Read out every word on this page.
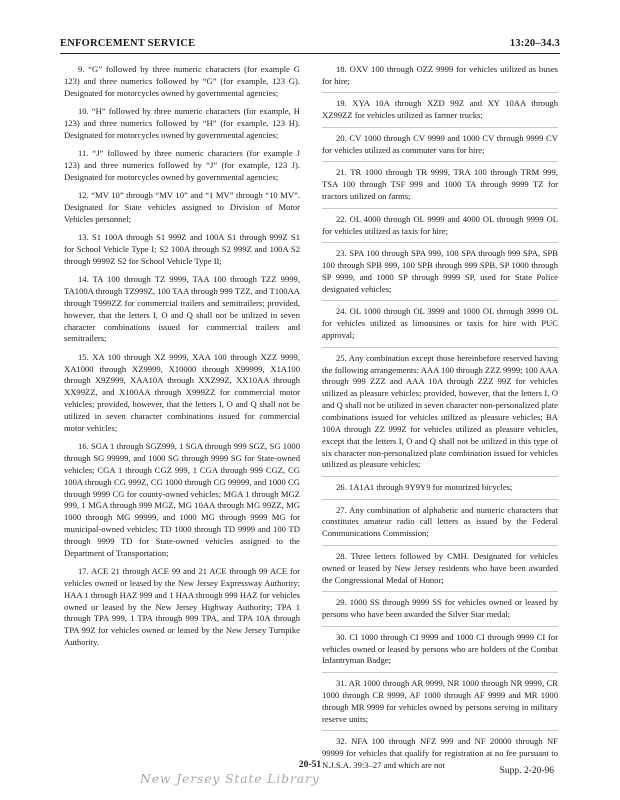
ENFORCEMENT SERVICE	13:20–34.3

9. “G” followed by three numeric characters (for example G 123) and three numerics followed by “G” (for example, 123 G). Designated for motorcycles owned by governmental agencies;

10. “H” followed by three numeric characters (for example, H 123) and three numerics followed by “H” (for example, 123 H). Designated for motorcycles owned by governmental agencies;

11. “J” followed by three numeric characters (for example J 123) and three numerics followed by “J” (for example, 123 J). Designated for motorcycles owned by governmental agencies;

12. “MV 10” through “MV 10” and “1 MV” through “10 MV”. Designated for State vehicles assigned to Division of Motor Vehicles personnel;

13. S1 100A through S1 999Z and 100A S1 through 999Z S1 for School Vehicle Type I; S2 100A through S2 999Z and 100A S2 through 9999Z S2 for School Vehicle Type II;

14. TA 100 through TZ 9999, TAA 100 through TZZ 9999, TA100A through TZ999Z, 100 TAA through 999 TZZ, and T100AA through T999ZZ for commercial trailers and semitrailers; provided, however, that the letters I, O and Q shall not be utilized in seven character combinations issued for commercial trailers and semitrailers;

15. XA 100 through XZ 9999, XAA 100 through XZZ 9999, XA1000 through XZ9999, X10000 through X99999, X1A100 through X9Z999, XAA10A through XXZ99Z, XX10AA through XX99ZZ, and X100AA through X999ZZ for commercial motor vehicles; provided, however, that the letters I, O and Q shall not be utilized in seven character combinations issued for commercial motor vehicles;

16. SGA 1 through SGZ999, 1 SGA through 999 SGZ, SG 1000 through SG 99999, and 1000 SG through 9999 SG for State-owned vehicles; CGA 1 through CGZ 999, 1 CGA through 999 CGZ, CG 100A through CG 999Z, CG 1000 through CG 99999, and 1000 CG through 9999 CG for county-owned vehicles; MGA 1 through MGZ 999, 1 MGA through 999 MGZ, MG 10AA through MG 99ZZ, MG 1000 through MG 99999, and 1000 MG through 9999 MG for municipal-owned vehicles; TD 1000 through TD 9999 and 100 TD through 9999 TD for State-owned vehicles assigned to the Department of Transportation;

17. ACE 21 through ACE 99 and 21 ACE through 99 ACE for vehicles owned or leased by the New Jersey Expressway Authority; HAA 1 through HAZ 999 and 1 HAA through 999 HAZ for vehicles owned or leased by the New Jersey Highway Authority; TPA 1 through TPA 999, 1 TPA through 999 TPA, and TPA 10A through TPA 99Z for vehicles owned or leased by the New Jersey Turnpike Authority.

18. OXV 100 through OZZ 9999 for vehicles utilized as buses for hire;

19. XYA 10A through XZD 99Z and XY 10AA through XZ99ZZ for vehicles utilized as farmer trucks;

20. CV 1000 through CV 9999 and 1000 CV through 9999 CV for vehicles utilized as commuter vans for hire;

21. TR 1000 through TR 9999, TRA 100 through TRM 999, TSA 100 through TSF 999 and 1000 TA through 9999 TZ for tractors utilized on farms;

22. OL 4000 through OL 9999 and 4000 OL through 9999 OL for vehicles utilized as taxis for hire;

23. SPA 100 through SPA 999, 100 SPA through 999 SPA, SPB 100 through SPB 999, 100 SPB through 999 SPB, SP 1000 through SP 9999, and 1000 SP through 9999 SP, used for State Police designated vehicles;

24. OL 1000 through OL 3999 and 1000 OL through 3999 OL for vehicles utilized as limousines or taxis for hire with PUC approval;

25. Any combination except those hereinbefore reserved having the following arrangements: AAA 100 through ZZZ 9999; 100 AAA through 999 ZZZ and AAA 10A through ZZZ 99Z for vehicles utilized as pleasure vehicles; provided, however, that the letters I, O and Q shall not be utilized in seven character non-personalized plate combinations issued for vehicles utilized as pleasure vehicles; BA 100A through ZZ 999Z for vehicles utilized as pleasure vehicles, except that the letters I, O and Q shall not be utilized in this type of six character non-personalized plate combination issued for vehicles utilized as pleasure vehicles;

26. 1A1A1 through 9Y9Y9 for motorized bicycles;

27. Any combination of alphabetic and numeric characters that constitutes amateur radio call letters as issued by the Federal Communications Commission;

28. Three letters followed by CMH. Designated for vehicles owned or leased by New Jersey residents who have been awarded the Congressional Medal of Honor;

29. 1000 SS through 9999 SS for vehicles owned or leased by persons who have been awarded the Silver Star medal;

30. CI 1000 through CI 9999 and 1000 CI through 9999 CI for vehicles owned or leased by persons who are holders of the Combat Infantryman Badge;

31. AR 1000 through AR 9999, NR 1000 through NR 9999, CR 1000 through CR 9999, AF 1000 through AF 9999 and MR 1000 through MR 9999 for vehicles owned by persons serving in military reserve units;

32. NFA 100 through NFZ 999 and NF 20000 through NF 99999 for vehicles that qualify for registration at no fee pursuant to N.J.S.A. 39:3–27 and which are not

New Jersey State Library
20-51
Supp. 2-20-96
